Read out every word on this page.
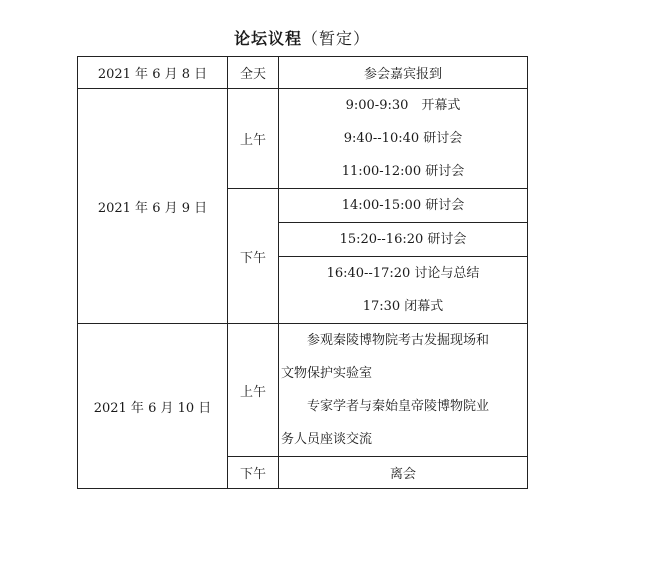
论坛议程（暂定）
2021 年 6 月 8 日	全天	参会嘉宾报到
2021 年 6 月 9 日	上午	9:00-9:30　开幕式
9:40--10:40 研讨会
11:00-12:00 研讨会

	下午	14:00-15:00 研讨会

		15:20--16:20 研讨会

		16:40--17:20 讨论与总结
17:30 闭幕式

2021 年 6 月 10 日	上午	参观秦陵博物院考古发掘现场和
文物保护实验室
专家学者与秦始皇帝陵博物院业
务人员座谈交流

	下午	离会
